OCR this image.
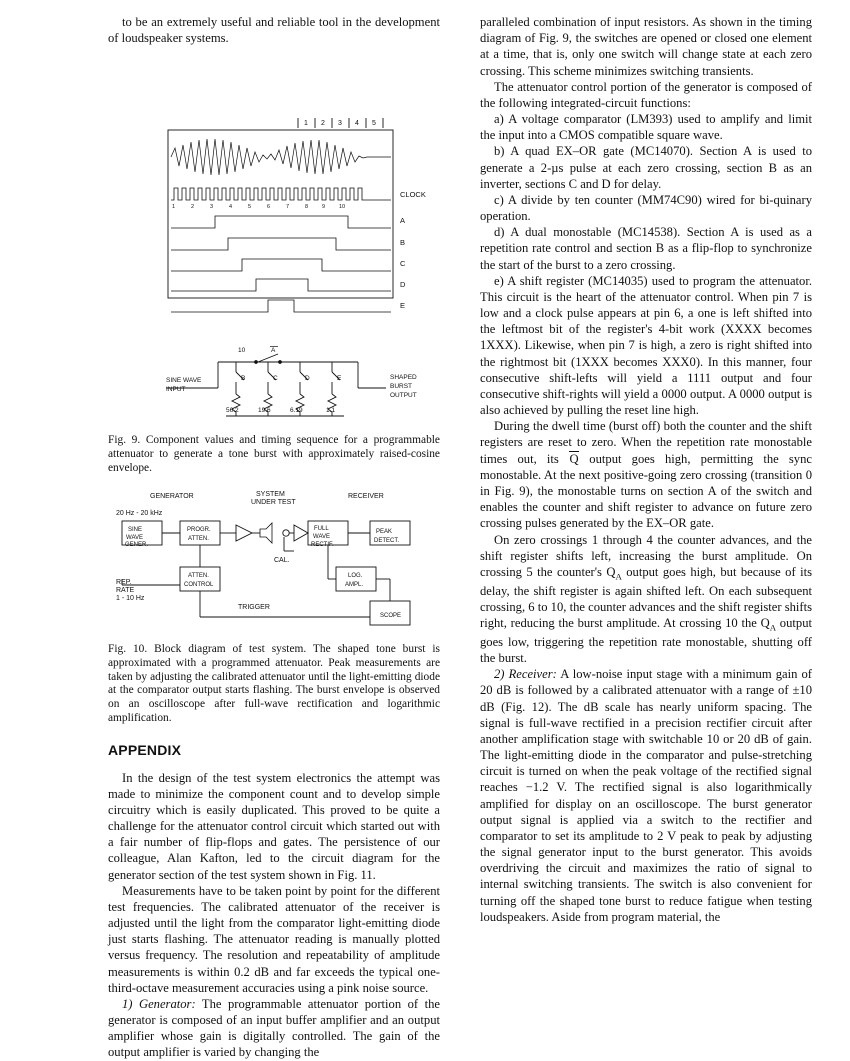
to be an extremely useful and reliable tool in the development of loudspeaker systems.

1 2 3 4 5
1	2	3	4	5	6	7	8	9	10
CLOCK
A
B
C
D
E
10	A
SINE WAVE
INPUT
SHAPED
BURST
OUTPUT
B	C	D	E
56.2	19.6	6.19	1.1
Fig. 9. Component values and timing sequence for a programmable attenuator to generate a tone burst with approximately raised-cosine envelope.
GENERATOR	SYSTEM
UNDER TEST
RECEIVER
20 Hz - 20 kHz
REP.
RATE
1 - 10 Hz
CAL.
TRIGGER
SINE
WAVE
GENER.
PROGR.
ATTEN.
ATTEN.
CONTROL
FULL
WAVE
RECTIF.
PEAK
DETECT.
LOG.
AMPL.
SCOPE
Fig. 10. Block diagram of test system. The shaped tone burst is approximated with a programmed attenuator. Peak measurements are taken by adjusting the calibrated attenuator until the light-emitting diode at the comparator output starts flashing. The burst envelope is observed on an oscilloscope after full-wave rectification and logarithmic amplification.
APPENDIX

In the design of the test system electronics the attempt was made to minimize the component count and to develop simple circuitry which is easily duplicated. This proved to be quite a challenge for the attenuator control circuit which started out with a fair number of flip-flops and gates. The persistence of our colleague, Alan Kafton, led to the circuit diagram for the generator section of the test system shown in Fig. 11.

Measurements have to be taken point by point for the different test frequencies. The calibrated attenuator of the receiver is adjusted until the light from the comparator light-emitting diode just starts flashing. The attenuator reading is manually plotted versus frequency. The resolution and repeatability of amplitude measurements is within 0.2 dB and far exceeds the typical one-third-octave measurement accuracies using a pink noise source.

1) Generator: The programmable attenuator portion of the generator is composed of an input buffer amplifier and an output amplifier whose gain is digitally controlled. The gain of the output amplifier is varied by changing the

paralleled combination of input resistors. As shown in the timing diagram of Fig. 9, the switches are opened or closed one element at a time, that is, only one switch will change state at each zero crossing. This scheme minimizes switching transients.

The attenuator control portion of the generator is composed of the following integrated-circuit functions:

a) A voltage comparator (LM393) used to amplify and limit the input into a CMOS compatible square wave.

b) A quad EX–OR gate (MC14070). Section A is used to generate a 2-µs pulse at each zero crossing, section B as an inverter, sections C and D for delay.

c) A divide by ten counter (MM74C90) wired for bi-quinary operation.

d) A dual monostable (MC14538). Section A is used as a repetition rate control and section B as a flip-flop to synchronize the start of the burst to a zero crossing.

e) A shift register (MC14035) used to program the attenuator. This circuit is the heart of the attenuator control. When pin 7 is low and a clock pulse appears at pin 6, a one is left shifted into the leftmost bit of the register's 4-bit work (XXXX becomes 1XXX). Likewise, when pin 7 is high, a zero is right shifted into the rightmost bit (1XXX becomes XXX0). In this manner, four consecutive shift-lefts will yield a 1111 output and four consecutive shift-rights will yield a 0000 output. A 0000 output is also achieved by pulling the reset line high.

During the dwell time (burst off) both the counter and the shift registers are reset to zero. When the repetition rate monostable times out, its Q output goes high, permitting the sync monostable. At the next positive-going zero crossing (transition 0 in Fig. 9), the monostable turns on section A of the switch and enables the counter and shift register to advance on future zero crossing pulses generated by the EX–OR gate.

On zero crossings 1 through 4 the counter advances, and the shift register shifts left, increasing the burst amplitude. On crossing 5 the counter's $Q_A$ output goes high, but because of its delay, the shift register is again shifted left. On each subsequent crossing, 6 to 10, the counter advances and the shift register shifts right, reducing the burst amplitude. At crossing 10 the $Q_A$ output goes low, triggering the repetition rate monostable, shutting off the burst.

2) Receiver: A low-noise input stage with a minimum gain of 20 dB is followed by a calibrated attenuator with a range of ±10 dB (Fig. 12). The dB scale has nearly uniform spacing. The signal is full-wave rectified in a precision rectifier circuit after another amplification stage with switchable 10 or 20 dB of gain. The light-emitting diode in the comparator and pulse-stretching circuit is turned on when the peak voltage of the rectified signal reaches −1.2 V. The rectified signal is also logarithmically amplified for display on an oscilloscope. The burst generator output signal is applied via a switch to the rectifier and comparator to set its amplitude to 2 V peak to peak by adjusting the signal generator input to the burst generator. This avoids overdriving the circuit and maximizes the ratio of signal to internal switching transients. The switch is also convenient for turning off the shaped tone burst to reduce fatigue when testing loudspeakers. Aside from program material, the
